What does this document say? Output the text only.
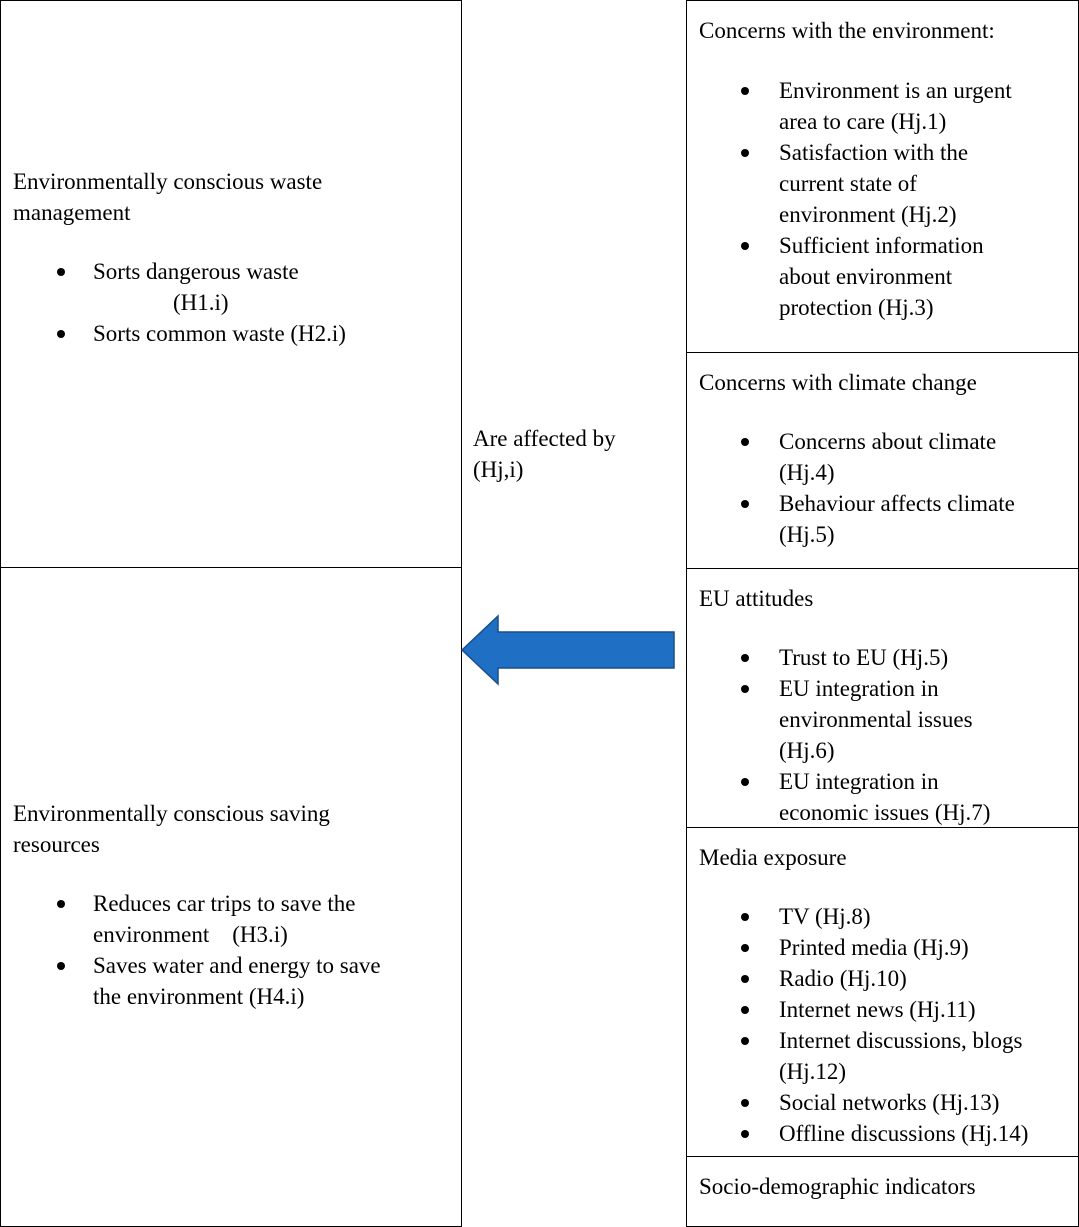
Environmentally conscious waste

management

Sorts dangerous waste
(H1.i)
Sorts common waste (H2.i)

Environmentally conscious saving

resources

Reduces car trips to save the
environment    (H3.i)
Saves water and energy to save
the environment (H4.i)

Are affected by

(Hj,i)

Concerns with the environment:

Environment is an urgent
area to care (Hj.1)
Satisfaction with the
current state of
environment (Hj.2)
Sufficient information
about environment
protection (Hj.3)

Concerns with climate change

Concerns about climate
(Hj.4)
Behaviour affects climate
(Hj.5)

EU attitudes

Trust to EU (Hj.5)
EU integration in
environmental issues
(Hj.6)
EU integration in
economic issues (Hj.7)

Media exposure

TV (Hj.8)
Printed media (Hj.9)
Radio (Hj.10)
Internet news (Hj.11)
Internet discussions, blogs
(Hj.12)
Social networks (Hj.13)
Offline discussions (Hj.14)

Socio-demographic indicators
